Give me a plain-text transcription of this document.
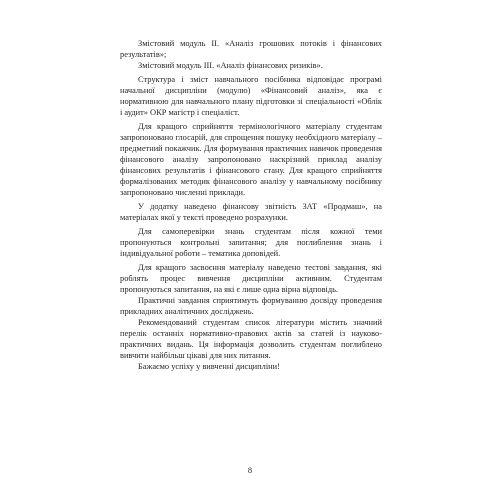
Змістовий модуль II. «Аналіз грошових потоків і фінансових результатів»;

Змістовий модуль III. «Аналіз фінансових ризиків».

Структура і зміст навчального посібника відповідає програмі начальної дисципліни (модулю) «Фінансовий аналіз», яка є нормативною для навчального плану підготовки зі спеціальності «Облік і аудит» ОКР магістр і спеціаліст.

Для кращого сприйняття термінологічного матеріалу студентам запропоновано глосарій, для спрощення пошуку необхідного матеріалу – предметний покажчик. Для формування практичних навичок проведення фінансового аналізу запропоновано наскрізний приклад аналізу фінансових результатів і фінансового стану. Для кращого сприйняття формалізованих методик фінансового аналізу у навчальному посібнику запропоновано численні приклади.

У додатку наведено фінансову звітність ЗАТ «Продмаш», на матеріалах якої у тексті проведено розрахунки.

Для самоперевірки знань студентам після кожної теми пропонуються контрольні запитання; для поглиблення знань і індивідуальної роботи – тематика доповідей.

Для кращого засвоєння матеріалу наведено тестові завдання, які роблять процес вивчення дисципліни активним. Студентам пропонуються запитання, на які є лише одна вірна відповідь.

Практичні завдання сприятимуть формуванню досвіду проведення прикладних аналітичних досліджень.

Рекомендований студентам список літератури містить значний перелік останніх нормативно-правових актів за статей із науково-практичних видань. Ця інформація дозволить студентам поглиблено вивчити найбільш цікаві для них питання.

Бажаємо успіху у вивченні дисципліни!

8
